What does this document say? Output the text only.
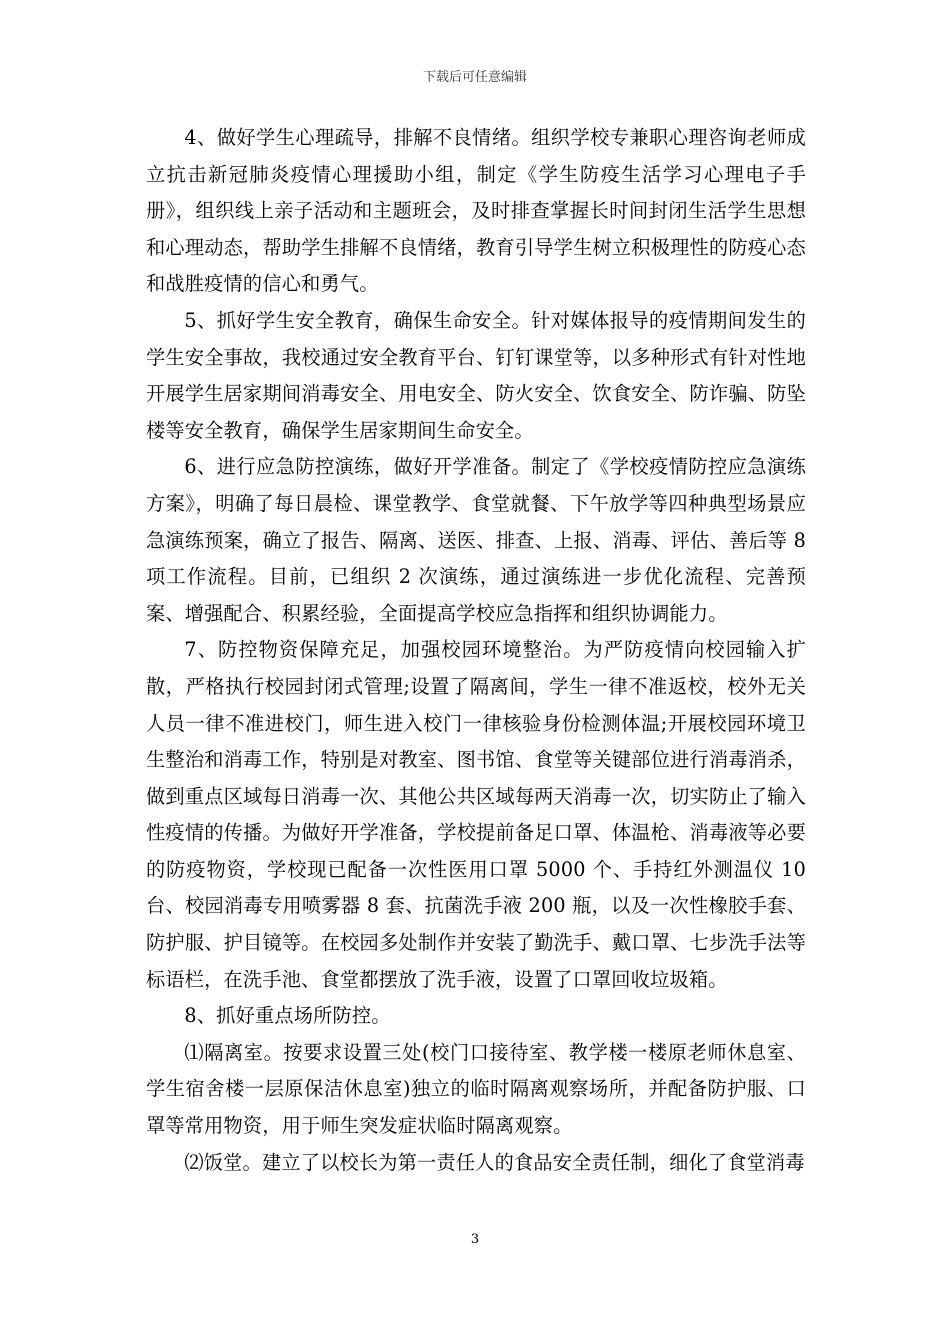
下载后可任意编辑

4、做好学生心理疏导，排解不良情绪。组织学校专兼职心理咨询老师成立抗击新冠肺炎疫情心理援助小组，制定《学生防疫生活学习心理电子手册》，组织线上亲子活动和主题班会，及时排查掌握长时间封闭生活学生思想和心理动态，帮助学生排解不良情绪，教育引导学生树立积极理性的防疫心态和战胜疫情的信心和勇气。

5、抓好学生安全教育，确保生命安全。针对媒体报导的疫情期间发生的学生安全事故，我校通过安全教育平台、钉钉课堂等，以多种形式有针对性地开展学生居家期间消毒安全、用电安全、防火安全、饮食安全、防诈骗、防坠楼等安全教育，确保学生居家期间生命安全。

6、进行应急防控演练，做好开学准备。制定了《学校疫情防控应急演练方案》，明确了每日晨检、课堂教学、食堂就餐、下午放学等四种典型场景应急演练预案，确立了报告、隔离、送医、排查、上报、消毒、评估、善后等 8 项工作流程。目前，已组织 2 次演练，通过演练进一步优化流程、完善预案、增强配合、积累经验，全面提高学校应急指挥和组织协调能力。

7、防控物资保障充足，加强校园环境整治。为严防疫情向校园输入扩散，严格执行校园封闭式管理;设置了隔离间，学生一律不准返校，校外无关人员一律不准进校门，师生进入校门一律核验身份检测体温;开展校园环境卫生整治和消毒工作，特别是对教室、图书馆、食堂等关键部位进行消毒消杀，做到重点区域每日消毒一次、其他公共区域每两天消毒一次，切实防止了输入性疫情的传播。为做好开学准备，学校提前备足口罩、体温枪、消毒液等必要的防疫物资，学校现已配备一次性医用口罩 5000 个、手持红外测温仪 10 台、校园消毒专用喷雾器 8 套、抗菌洗手液 200 瓶，以及一次性橡胶手套、防护服、护目镜等。在校园多处制作并安装了勤洗手、戴口罩、七步洗手法等标语栏，在洗手池、食堂都摆放了洗手液，设置了口罩回收垃圾箱。

8、抓好重点场所防控。

⑴隔离室。按要求设置三处(校门口接待室、教学楼一楼原老师休息室、学生宿舍楼一层原保洁休息室)独立的临时隔离观察场所，并配备防护服、口罩等常用物资，用于师生突发症状临时隔离观察。

⑵饭堂。建立了以校长为第一责任人的食品安全责任制，细化了食堂消毒

3
